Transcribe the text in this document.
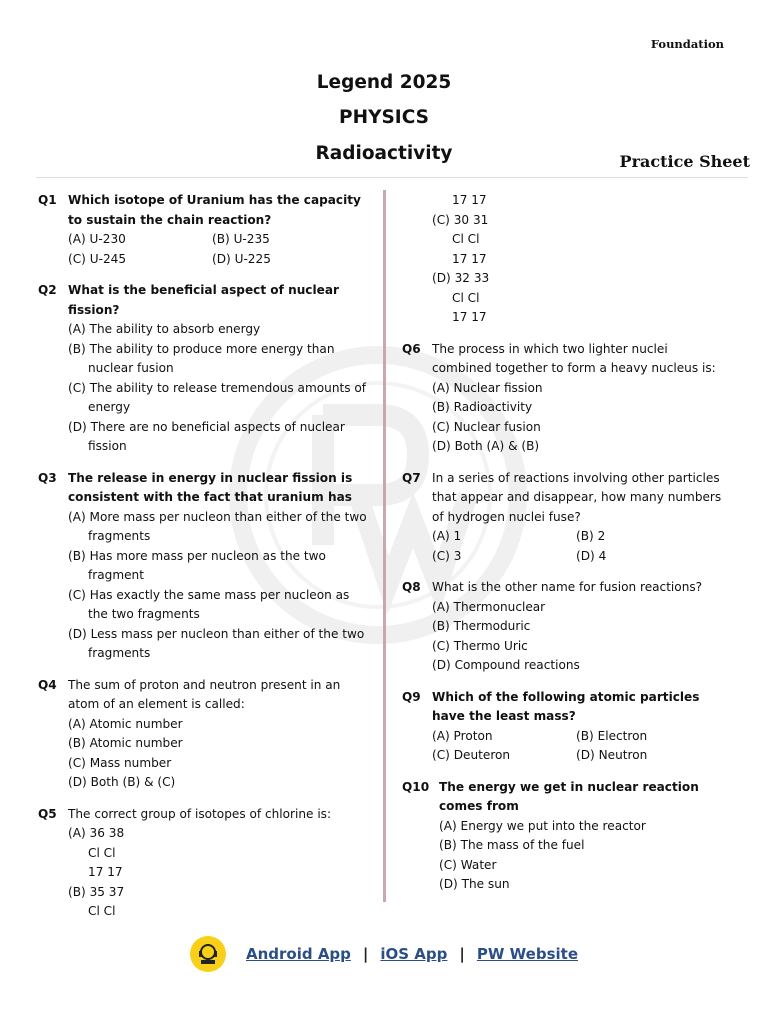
Foundation
Legend 2025
PHYSICS
Radioactivity	Practice Sheet
Q1 Which isotope of Uranium has the capacity to sustain the chain reaction?
(A) U-230	(B) U-235
(C) U-245	(D) U-225
Q2 What is the beneficial aspect of nuclear fission?
(A) The ability to absorb energy
(B) The ability to produce more energy than nuclear fusion
(C) The ability to release tremendous amounts of energy
(D) There are no beneficial aspects of nuclear fission
Q3 The release in energy in nuclear fission is consistent with the fact that uranium has
(A) More mass per nucleon than either of the two fragments
(B) Has more mass per nucleon as the two fragment
(C) Has exactly the same mass per nucleon as the two fragments
(D) Less mass per nucleon than either of the two fragments
Q4 The sum of proton and neutron present in an atom of an element is called:
(A) Atomic number
(B) Atomic number
(C) Mass number
(D) Both (B) & (C)
Q5 The correct group of isotopes of chlorine is:
(A) 36 38
Cl Cl
17 17
(B) 35 37
Cl Cl
17 17
(C) 30 31
Cl Cl
17 17
(D) 32 33
Cl Cl
17 17
Q6 The process in which two lighter nuclei combined together to form a heavy nucleus is:
(A) Nuclear fission
(B) Radioactivity
(C) Nuclear fusion
(D) Both (A) & (B)
Q7 In a series of reactions involving other particles that appear and disappear, how many numbers of hydrogen nuclei fuse?
(A) 1	(B) 2
(C) 3	(D) 4
Q8 What is the other name for fusion reactions?
(A) Thermonuclear
(B) Thermoduric
(C) Thermo Uric
(D) Compound reactions
Q9 Which of the following atomic particles have the least mass?
(A) Proton	(B) Electron
(C) Deuteron	(D) Neutron
Q10 The energy we get in nuclear reaction comes from
(A) Energy we put into the reactor
(B) The mass of the fuel
(C) Water
(D) The sun
Android App | iOS App | PW Website
